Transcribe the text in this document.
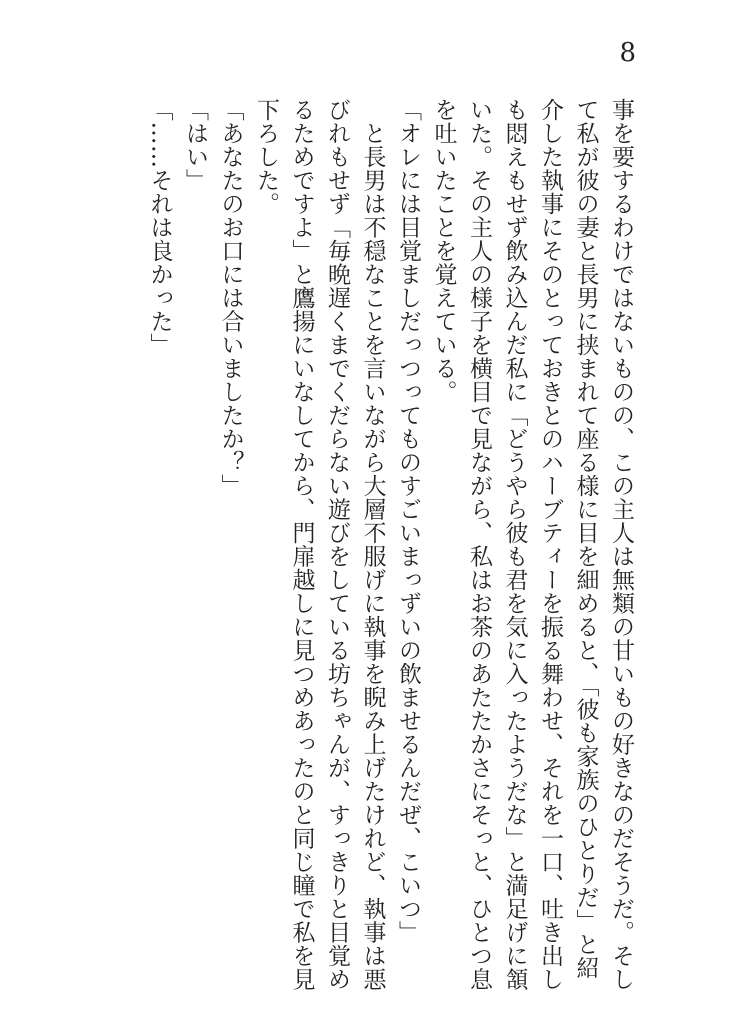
8

事を要するわけではないものの、この主人は無類の甘いもの好きなのだそうだ。そして私が彼の妻と長男に挟まれて座る様に目を細めると、「彼も家族のひとりだ」と紹介した執事にそのとっておきとのハーブティーを振る舞わせ、それを一口、吐き出しも悶えもせず飲み込んだ私に「どうやら彼も君を気に入ったようだな」と満足げに頷いた。その主人の様子を横目で見ながら、私はお茶のあたたかさにそっと、ひとつ息を吐いたことを覚えている。

「オレには目覚ましだっつってものすごいまっずいの飲ませるんだぜ、こいつ」

　と長男は不穏なことを言いながら大層不服げに執事を睨み上げたけれど、執事は悪びれもせず「毎晩遅くまでくだらない遊びをしている坊ちゃんが、すっきりと目覚めるためですよ」と鷹揚にいなしてから、門扉越しに見つめあったのと同じ瞳で私を見下ろした。

「あなたのお口には合いましたか？」

「はい」

「……それは良かった」
